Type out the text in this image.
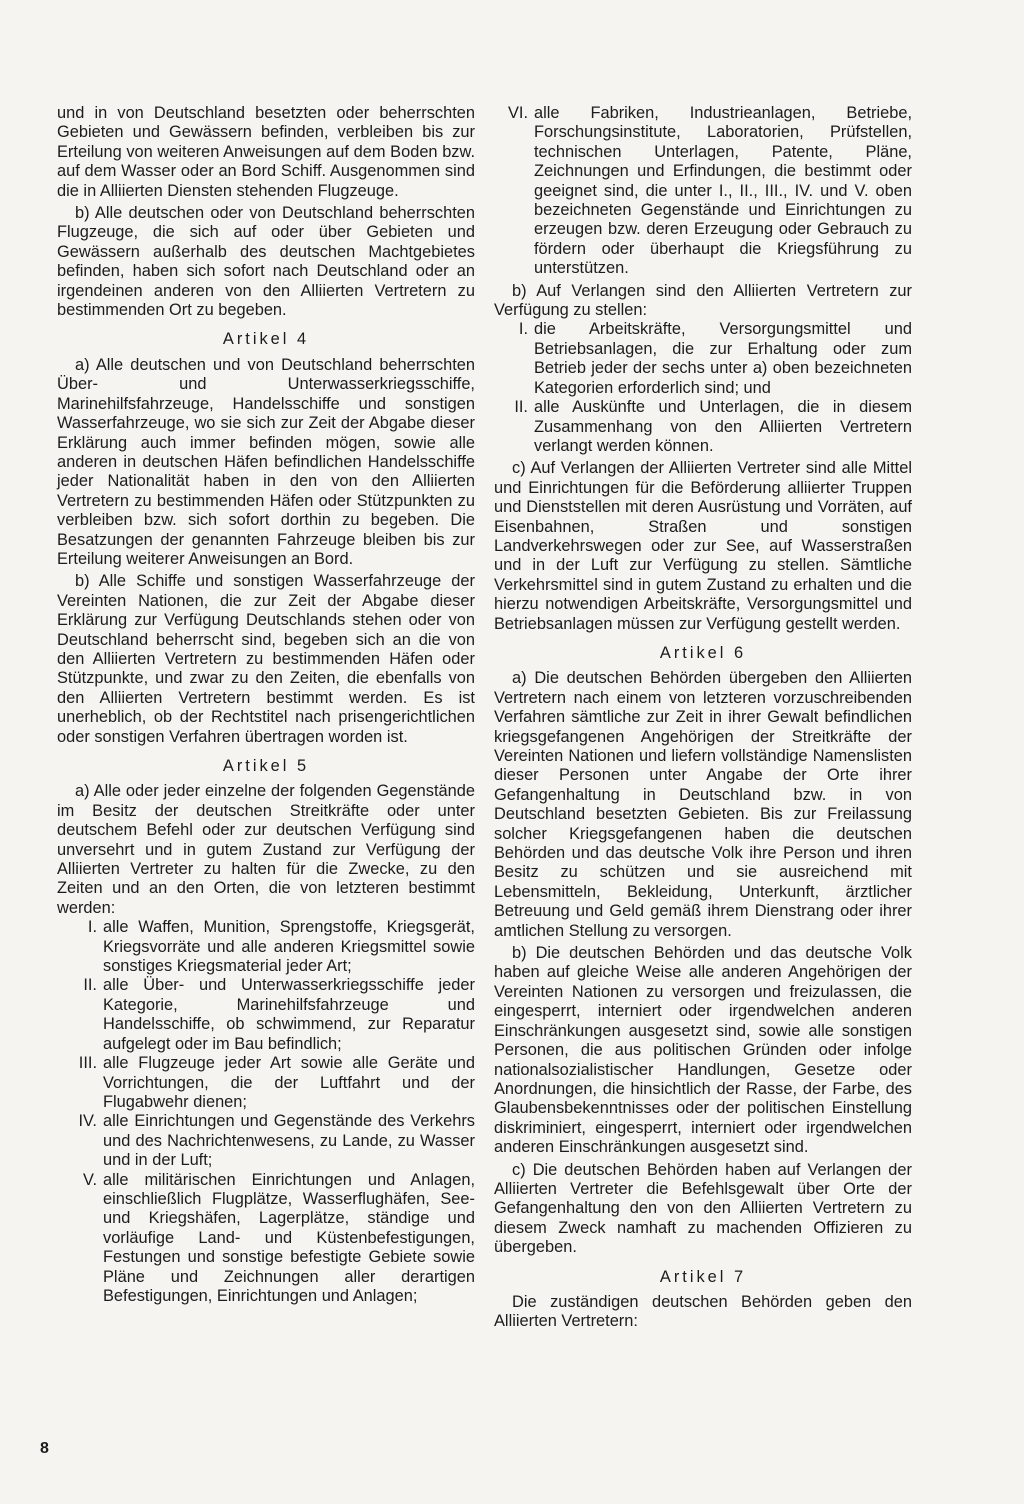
und in von Deutschland besetzten oder beherrschten Gebieten und Gewässern befinden, verbleiben bis zur Erteilung von weiteren Anweisungen auf dem Boden bzw. auf dem Wasser oder an Bord Schiff. Ausgenommen sind die in Alliierten Diensten stehenden Flugzeuge.

b) Alle deutschen oder von Deutschland beherrschten Flugzeuge, die sich auf oder über Gebieten und Gewässern außerhalb des deutschen Machtgebietes befinden, haben sich sofort nach Deutschland oder an irgendeinen anderen von den Alliierten Vertretern zu bestimmenden Ort zu begeben.

Artikel 4

a) Alle deutschen und von Deutschland beherrschten Über- und Unterwasserkriegsschiffe, Marinehilfsfahrzeuge, Handelsschiffe und sonstigen Wasserfahrzeuge, wo sie sich zur Zeit der Abgabe dieser Erklärung auch immer befinden mögen, sowie alle anderen in deutschen Häfen befindlichen Handelsschiffe jeder Nationalität haben in den von den Alliierten Vertretern zu bestimmenden Häfen oder Stützpunkten zu verbleiben bzw. sich sofort dorthin zu begeben. Die Besatzungen der genannten Fahrzeuge bleiben bis zur Erteilung weiterer Anweisungen an Bord.

b) Alle Schiffe und sonstigen Wasserfahrzeuge der Vereinten Nationen, die zur Zeit der Abgabe dieser Erklärung zur Verfügung Deutschlands stehen oder von Deutschland beherrscht sind, begeben sich an die von den Alliierten Vertretern zu bestimmenden Häfen oder Stützpunkte, und zwar zu den Zeiten, die ebenfalls von den Alliierten Vertretern bestimmt werden. Es ist unerheblich, ob der Rechtstitel nach prisengerichtlichen oder sonstigen Verfahren übertragen worden ist.

Artikel 5

a) Alle oder jeder einzelne der folgenden Gegenstände im Besitz der deutschen Streitkräfte oder unter deutschem Befehl oder zur deutschen Verfügung sind unversehrt und in gutem Zustand zur Verfügung der Alliierten Vertreter zu halten für die Zwecke, zu den Zeiten und an den Orten, die von letzteren bestimmt werden:

I. alle Waffen, Munition, Sprengstoffe, Kriegsgerät, Kriegsvorräte und alle anderen Kriegsmittel sowie sonstiges Kriegsmaterial jeder Art;
II. alle Über- und Unterwasserkriegsschiffe jeder Kategorie, Marinehilfsfahrzeuge und Handelsschiffe, ob schwimmend, zur Reparatur aufgelegt oder im Bau befindlich;
III. alle Flugzeuge jeder Art sowie alle Geräte und Vorrichtungen, die der Luftfahrt und der Flugabwehr dienen;
IV. alle Einrichtungen und Gegenstände des Verkehrs und des Nachrichtenwesens, zu Lande, zu Wasser und in der Luft;
V. alle militärischen Einrichtungen und Anlagen, einschließlich Flugplätze, Wasserflughäfen, See- und Kriegshäfen, Lagerplätze, ständige und vorläufige Land- und Küstenbefestigungen, Festungen und sonstige befestigte Gebiete sowie Pläne und Zeichnungen aller derartigen Befestigungen, Einrichtungen und Anlagen;
VI. alle Fabriken, Industrieanlagen, Betriebe, Forschungsinstitute, Laboratorien, Prüfstellen, technischen Unterlagen, Patente, Pläne, Zeichnungen und Erfindungen, die bestimmt oder geeignet sind, die unter I., II., III., IV. und V. oben bezeichneten Gegenstände und Einrichtungen zu erzeugen bzw. deren Erzeugung oder Gebrauch zu fördern oder überhaupt die Kriegsführung zu unterstützen.

b) Auf Verlangen sind den Alliierten Vertretern zur Verfügung zu stellen:

I. die Arbeitskräfte, Versorgungsmittel und Betriebsanlagen, die zur Erhaltung oder zum Betrieb jeder der sechs unter a) oben bezeichneten Kategorien erforderlich sind; und
II. alle Auskünfte und Unterlagen, die in diesem Zusammenhang von den Alliierten Vertretern verlangt werden können.

c) Auf Verlangen der Alliierten Vertreter sind alle Mittel und Einrichtungen für die Beförderung alliierter Truppen und Dienststellen mit deren Ausrüstung und Vorräten, auf Eisenbahnen, Straßen und sonstigen Landverkehrswegen oder zur See, auf Wasserstraßen und in der Luft zur Verfügung zu stellen. Sämtliche Verkehrsmittel sind in gutem Zustand zu erhalten und die hierzu notwendigen Arbeitskräfte, Versorgungsmittel und Betriebsanlagen müssen zur Verfügung gestellt werden.

Artikel 6

a) Die deutschen Behörden übergeben den Alliierten Vertretern nach einem von letzteren vorzuschreibenden Verfahren sämtliche zur Zeit in ihrer Gewalt befindlichen kriegsgefangenen Angehörigen der Streitkräfte der Vereinten Nationen und liefern vollständige Namenslisten dieser Personen unter Angabe der Orte ihrer Gefangenhaltung in Deutschland bzw. in von Deutschland besetzten Gebieten. Bis zur Freilassung solcher Kriegsgefangenen haben die deutschen Behörden und das deutsche Volk ihre Person und ihren Besitz zu schützen und sie ausreichend mit Lebensmitteln, Bekleidung, Unterkunft, ärztlicher Betreuung und Geld gemäß ihrem Dienstrang oder ihrer amtlichen Stellung zu versorgen.

b) Die deutschen Behörden und das deutsche Volk haben auf gleiche Weise alle anderen Angehörigen der Vereinten Nationen zu versorgen und freizulassen, die eingesperrt, interniert oder irgendwelchen anderen Einschränkungen ausgesetzt sind, sowie alle sonstigen Personen, die aus politischen Gründen oder infolge nationalsozialistischer Handlungen, Gesetze oder Anordnungen, die hinsichtlich der Rasse, der Farbe, des Glaubensbekenntnisses oder der politischen Einstellung diskriminiert, eingesperrt, interniert oder irgendwelchen anderen Einschränkungen ausgesetzt sind.

c) Die deutschen Behörden haben auf Verlangen der Alliierten Vertreter die Befehlsgewalt über Orte der Gefangenhaltung den von den Alliierten Vertretern zu diesem Zweck namhaft zu machenden Offizieren zu übergeben.

Artikel 7

Die zuständigen deutschen Behörden geben den Alliierten Vertretern:

8
